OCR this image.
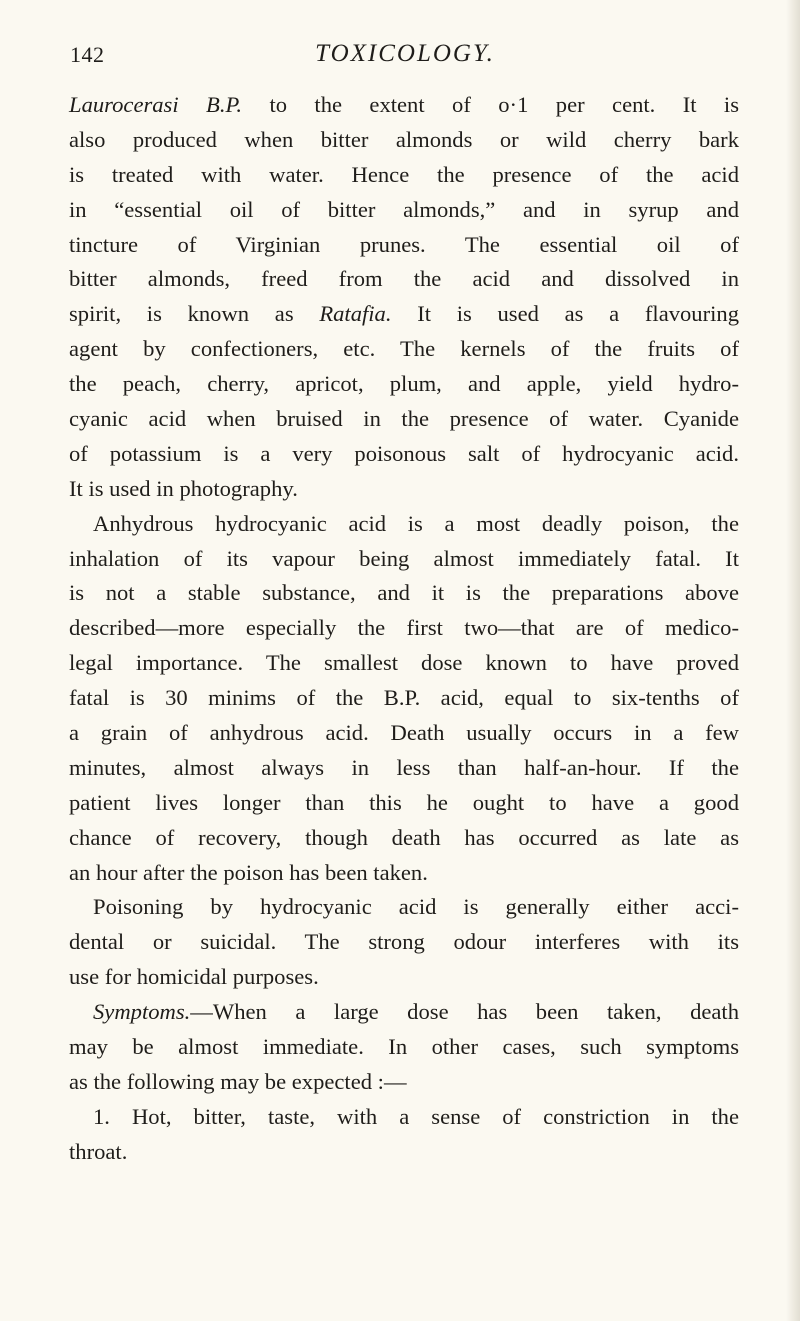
142	TOXICOLOGY.
Laurocerasi B.P. to the extent of o·1 per cent. It is
also produced when bitter almonds or wild cherry bark
is treated with water. Hence the presence of the acid
in “essential oil of bitter almonds,” and in syrup and
tincture of Virginian prunes. The essential oil of
bitter almonds, freed from the acid and dissolved in
spirit, is known as Ratafia. It is used as a flavouring
agent by confectioners, etc. The kernels of the fruits of
the peach, cherry, apricot, plum, and apple, yield hydro-
cyanic acid when bruised in the presence of water. Cyanide
of potassium is a very poisonous salt of hydrocyanic acid.
It is used in photography.
Anhydrous hydrocyanic acid is a most deadly poison, the
inhalation of its vapour being almost immediately fatal. It
is not a stable substance, and it is the preparations above
described—more especially the first two—that are of medico-
legal importance. The smallest dose known to have proved
fatal is 30 minims of the B.P. acid, equal to six-tenths of
a grain of anhydrous acid. Death usually occurs in a few
minutes, almost always in less than half-an-hour. If the
patient lives longer than this he ought to have a good
chance of recovery, though death has occurred as late as
an hour after the poison has been taken.
Poisoning by hydrocyanic acid is generally either acci-
dental or suicidal. The strong odour interferes with its
use for homicidal purposes.
Symptoms.—When a large dose has been taken, death
may be almost immediate. In other cases, such symptoms
as the following may be expected :—
1. Hot, bitter, taste, with a sense of constriction in the
throat.
